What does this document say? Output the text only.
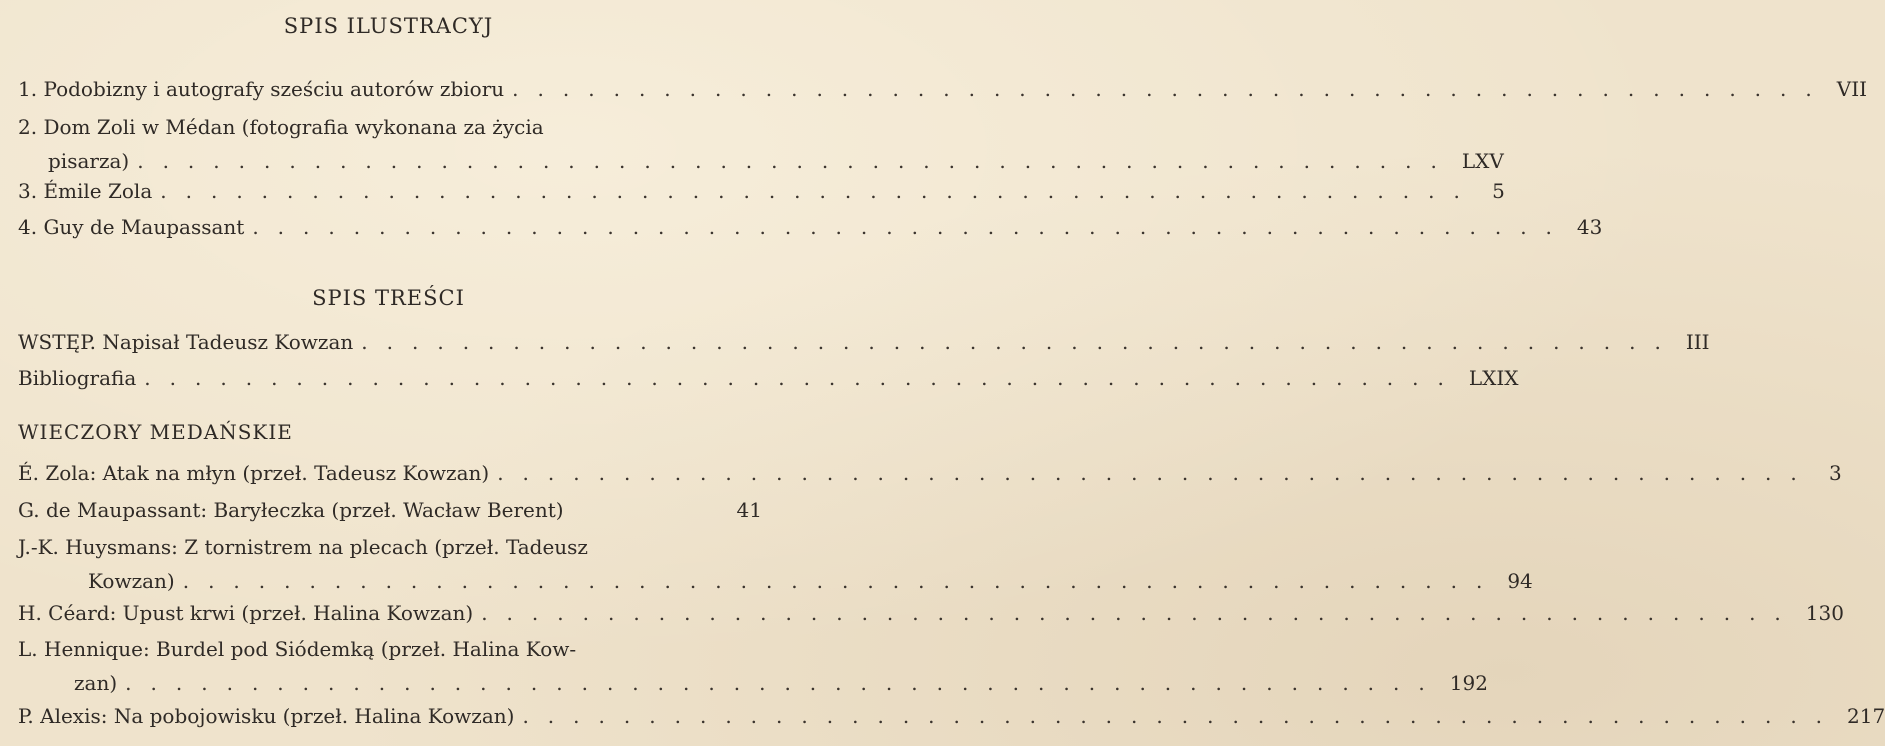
SPIS ILUSTRACYJ
1. Podobizny i autografy sześciu autorów zbioru .................................................... VII
2. Dom Zoli w Médan (fotografia wykonana za życia
pisarza) .................................................... LXV
3. Émile Zola .................................................... 5
4. Guy de Maupassant .................................................... 43
SPIS TREŚCI
WSTĘP. Napisał Tadeusz Kowzan .................................................... III
Bibliografia .................................................... LXIX
WIECZORY MEDAŃSKIE
É. Zola: Atak na młyn (przeł. Tadeusz Kowzan) .................................................... 3
G. de Maupassant: Baryłeczka (przeł. Wacław Berent)	41
J.-K. Huysmans: Z tornistrem na plecach (przeł. Tadeusz
Kowzan) .................................................... 94
H. Céard: Upust krwi (przeł. Halina Kowzan) .................................................... 130
L. Hennique: Burdel pod Siódemką (przeł. Halina Kow-
zan) .................................................... 192
P. Alexis: Na pobojowisku (przeł. Halina Kowzan) .................................................... 217
